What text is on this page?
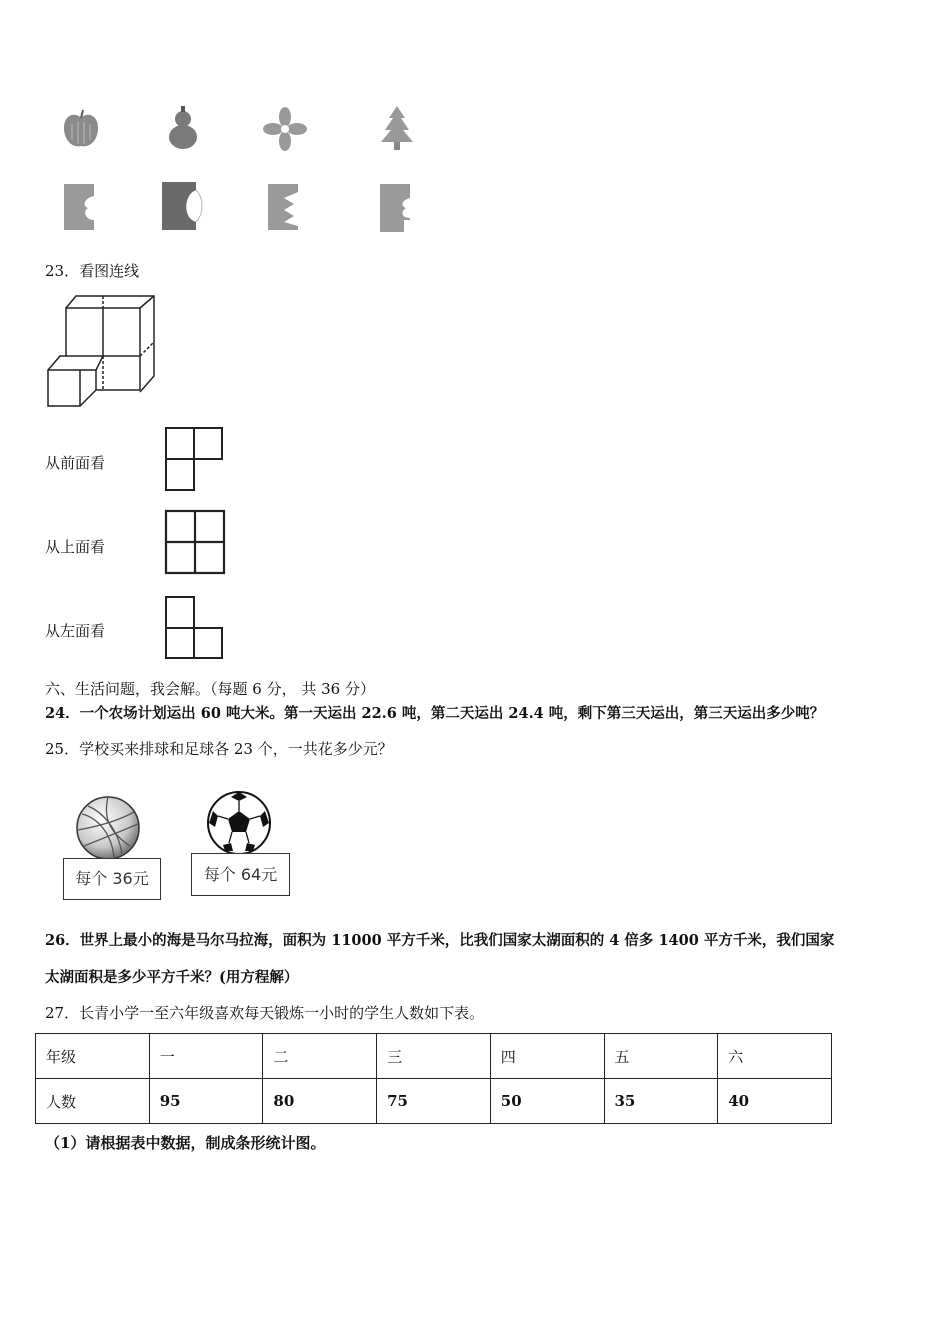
23．看图连线
从前面看
从上面看
从左面看
六、生活问题，我会解。（每题 6 分， 共 36 分）
24．一个农场计划运出 60 吨大米。第一天运出 22.6 吨，第二天运出 24.4 吨，剩下第三天运出，第三天运出多少吨？
25．学校买来排球和足球各 23 个，一共花多少元？
每个 36元	每个 64元
26．世界上最小的海是马尔马拉海，面积为 11000 平方千米，比我们国家太湖面积的 4 倍多 1400 平方千米，我们国家
太湖面积是多少平方千米？(用方程解）
27．长青小学一至六年级喜欢每天锻炼一小时的学生人数如下表。
年级	一	二	三	四	五	六
人数	95	80	75	50	35	40
（1）请根据表中数据，制成条形统计图。
